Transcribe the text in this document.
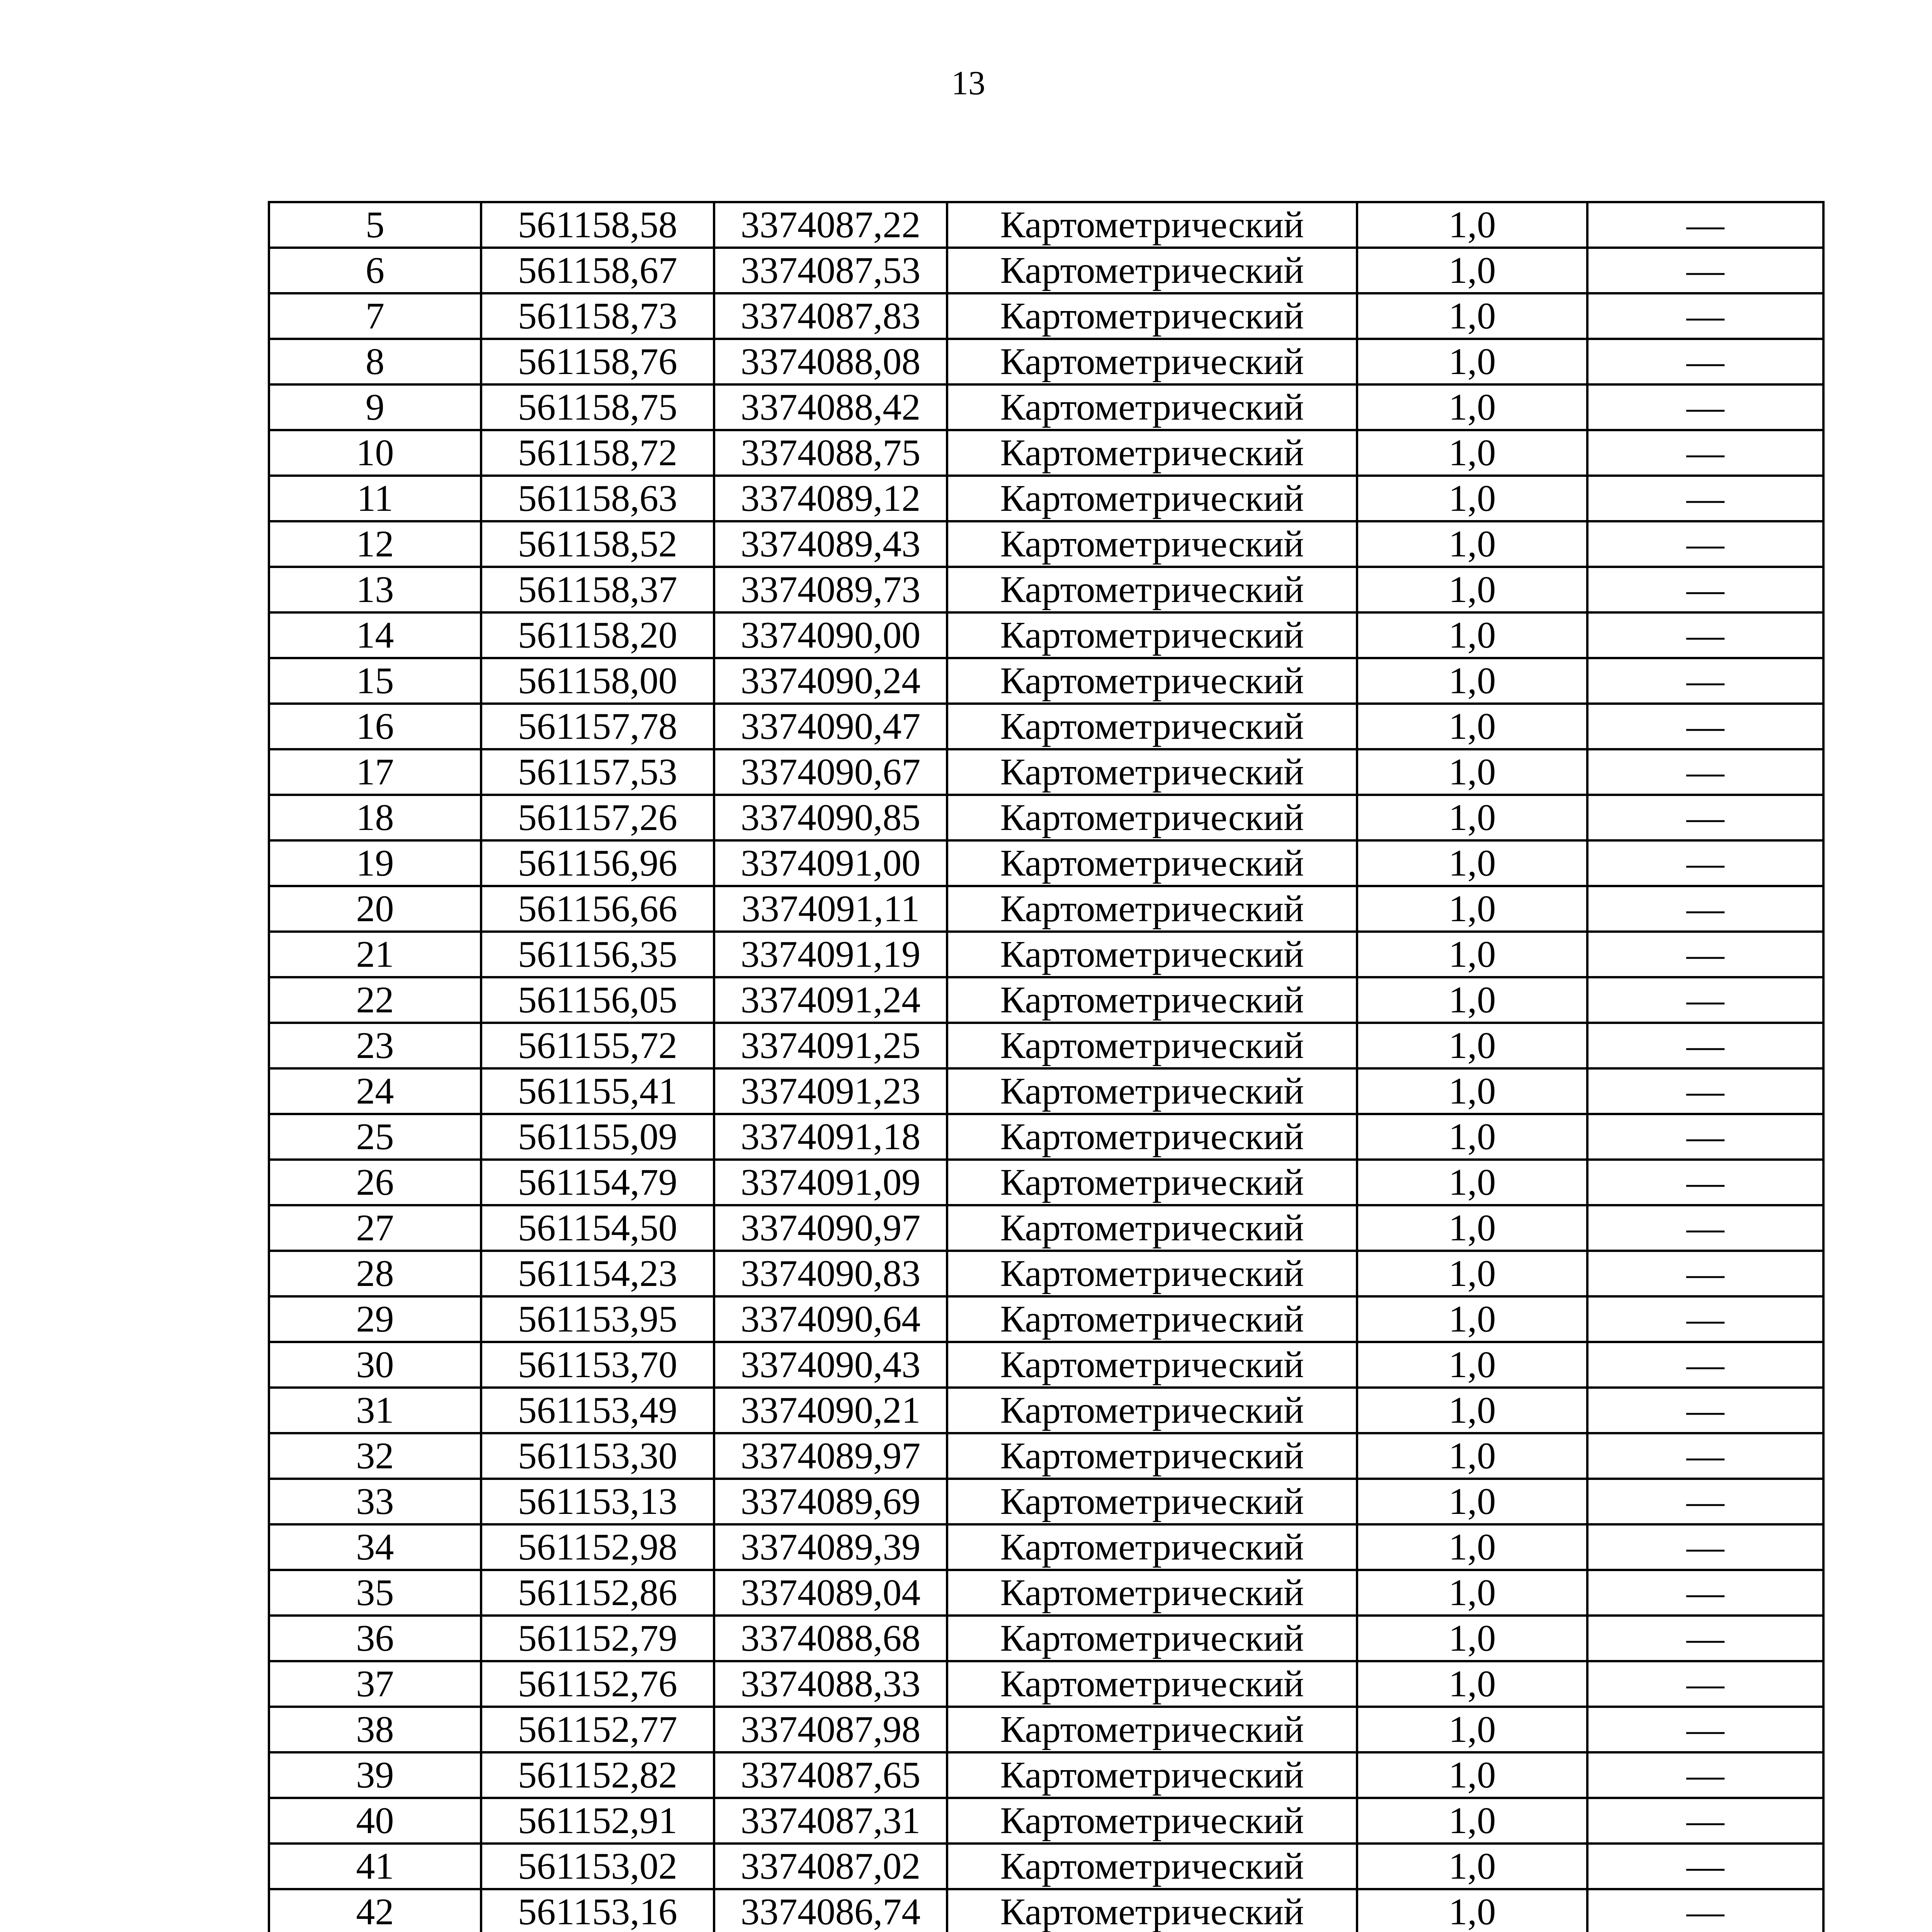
13
5	561158,58	3374087,22	Картометрический	1,0	—
6	561158,67	3374087,53	Картометрический	1,0	—
7	561158,73	3374087,83	Картометрический	1,0	—
8	561158,76	3374088,08	Картометрический	1,0	—
9	561158,75	3374088,42	Картометрический	1,0	—
10	561158,72	3374088,75	Картометрический	1,0	—
11	561158,63	3374089,12	Картометрический	1,0	—
12	561158,52	3374089,43	Картометрический	1,0	—
13	561158,37	3374089,73	Картометрический	1,0	—
14	561158,20	3374090,00	Картометрический	1,0	—
15	561158,00	3374090,24	Картометрический	1,0	—
16	561157,78	3374090,47	Картометрический	1,0	—
17	561157,53	3374090,67	Картометрический	1,0	—
18	561157,26	3374090,85	Картометрический	1,0	—
19	561156,96	3374091,00	Картометрический	1,0	—
20	561156,66	3374091,11	Картометрический	1,0	—
21	561156,35	3374091,19	Картометрический	1,0	—
22	561156,05	3374091,24	Картометрический	1,0	—
23	561155,72	3374091,25	Картометрический	1,0	—
24	561155,41	3374091,23	Картометрический	1,0	—
25	561155,09	3374091,18	Картометрический	1,0	—
26	561154,79	3374091,09	Картометрический	1,0	—
27	561154,50	3374090,97	Картометрический	1,0	—
28	561154,23	3374090,83	Картометрический	1,0	—
29	561153,95	3374090,64	Картометрический	1,0	—
30	561153,70	3374090,43	Картометрический	1,0	—
31	561153,49	3374090,21	Картометрический	1,0	—
32	561153,30	3374089,97	Картометрический	1,0	—
33	561153,13	3374089,69	Картометрический	1,0	—
34	561152,98	3374089,39	Картометрический	1,0	—
35	561152,86	3374089,04	Картометрический	1,0	—
36	561152,79	3374088,68	Картометрический	1,0	—
37	561152,76	3374088,33	Картометрический	1,0	—
38	561152,77	3374087,98	Картометрический	1,0	—
39	561152,82	3374087,65	Картометрический	1,0	—
40	561152,91	3374087,31	Картометрический	1,0	—
41	561153,02	3374087,02	Картометрический	1,0	—
42	561153,16	3374086,74	Картометрический	1,0	—
